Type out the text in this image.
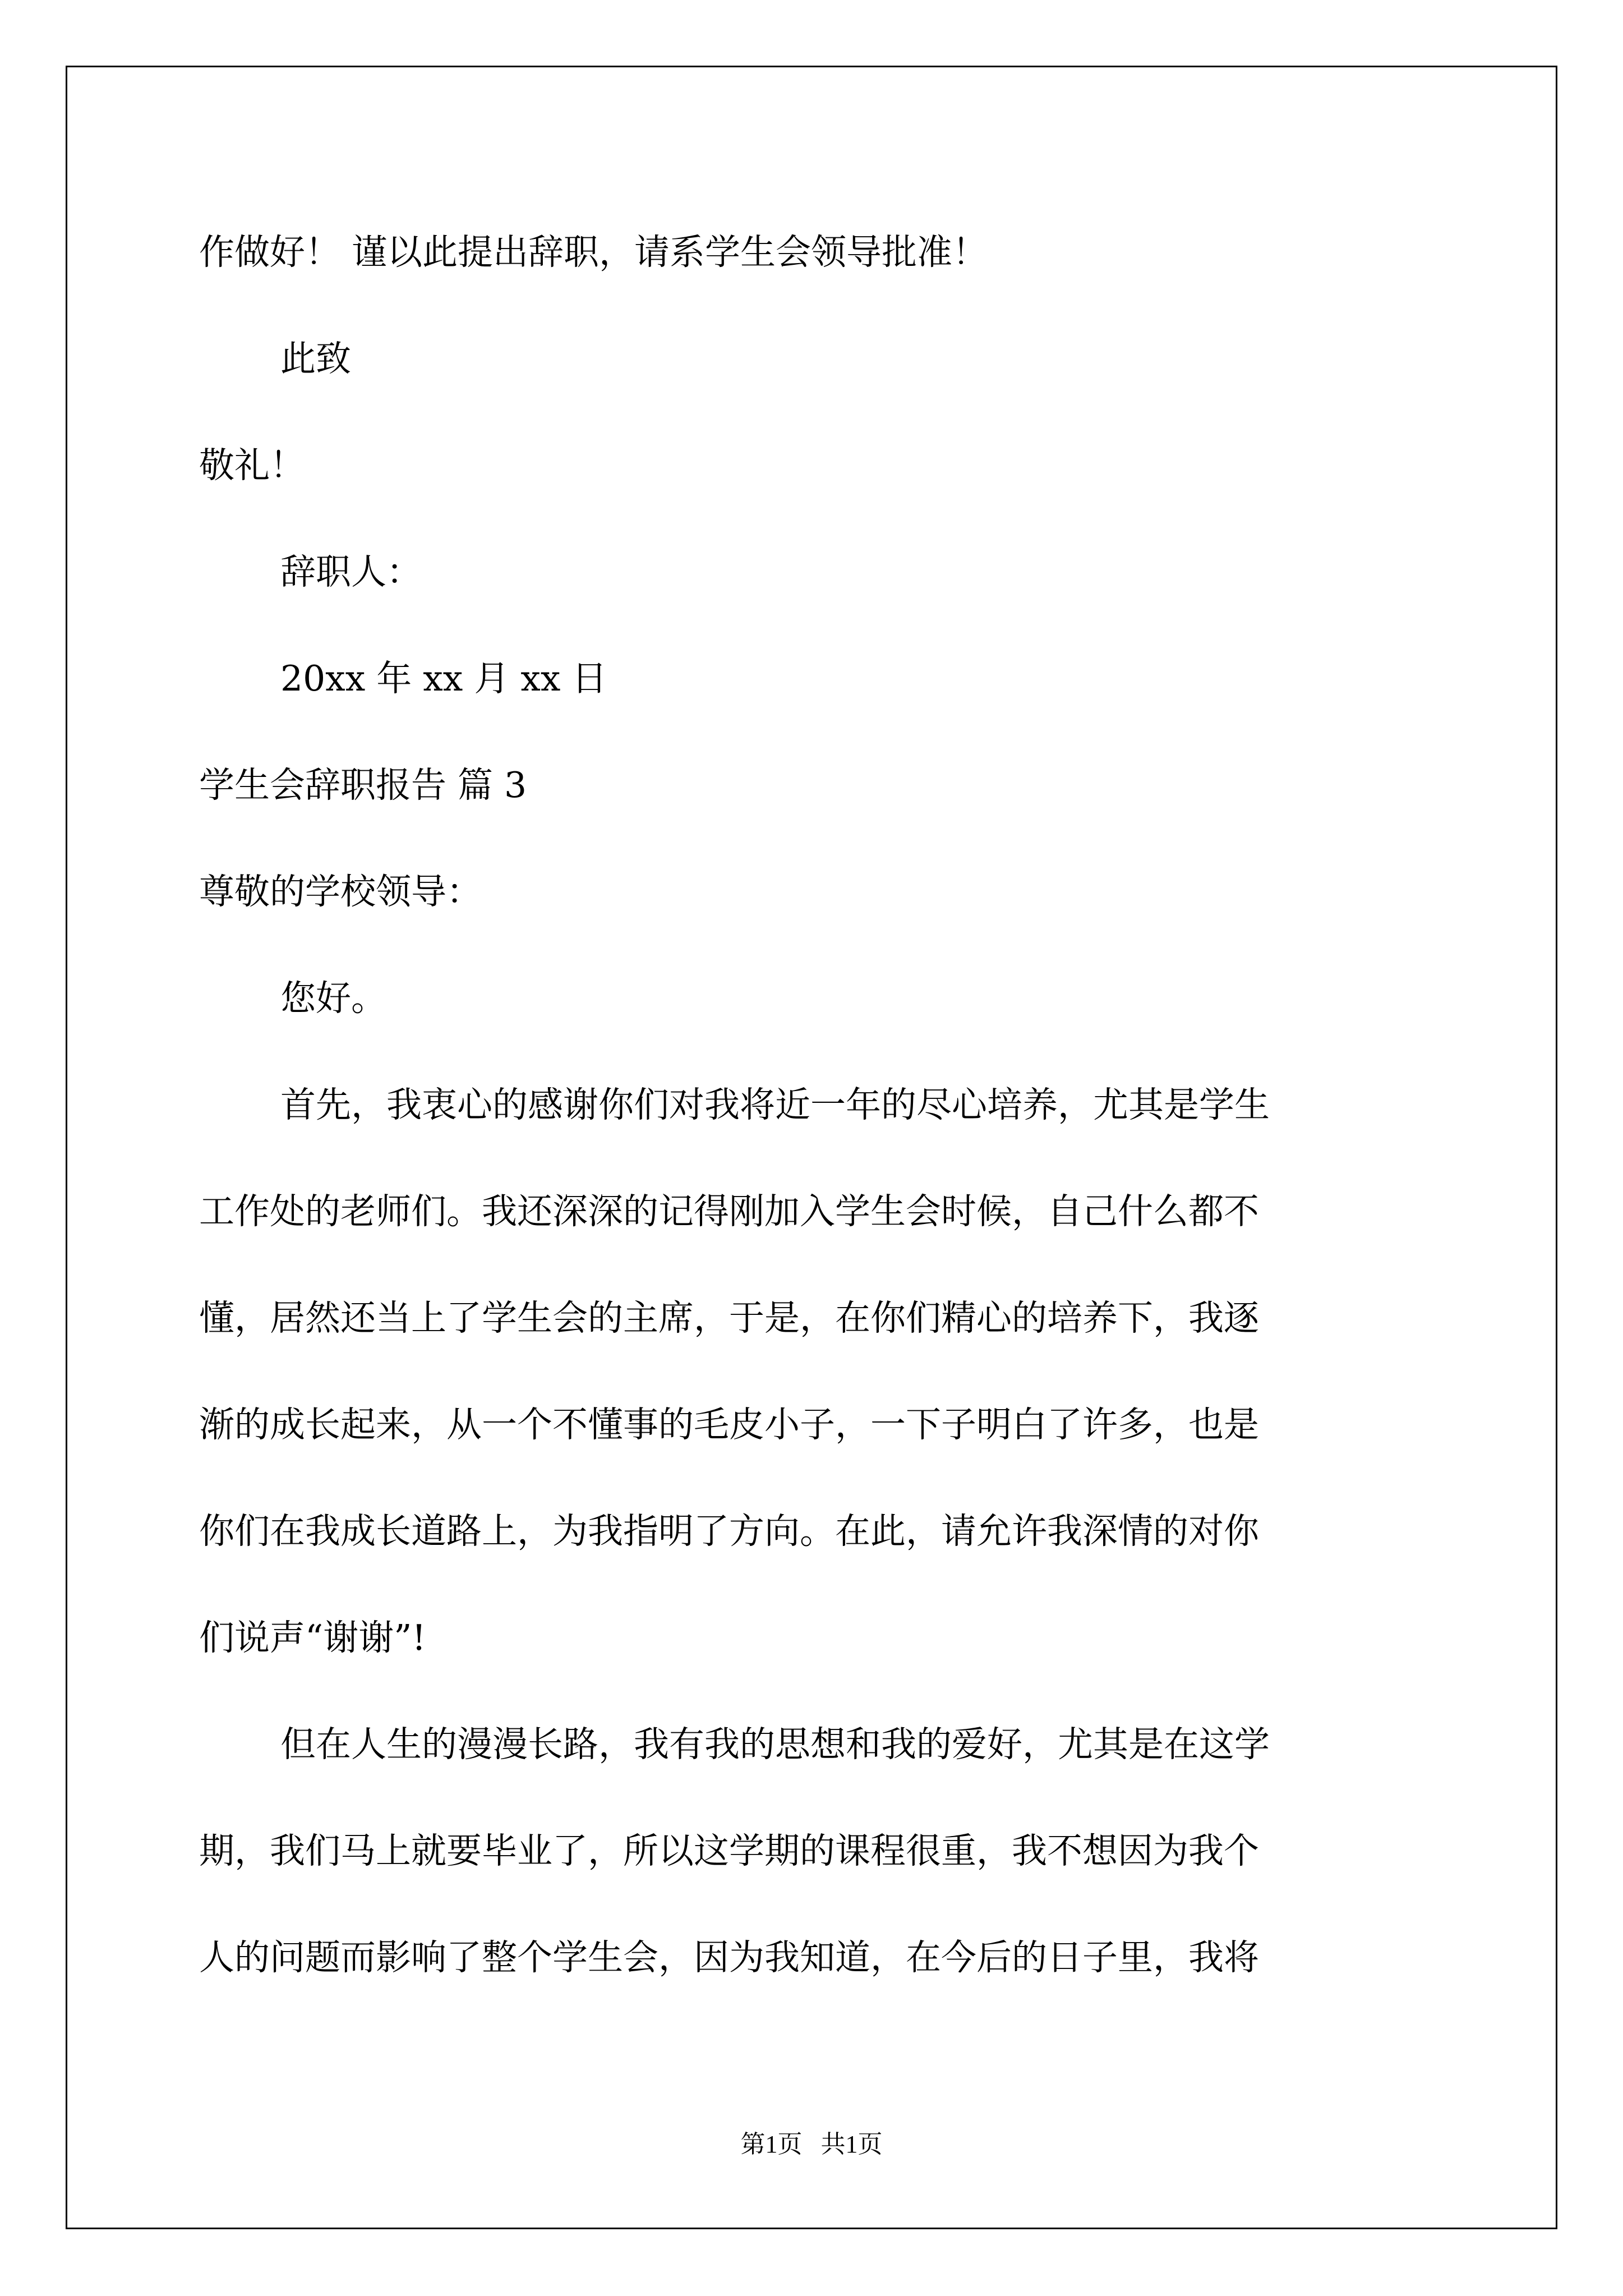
作做好！ 谨以此提出辞职，请系学生会领导批准！

此致

敬礼！

辞职人：

20xx 年 xx 月 xx 日

学生会辞职报告 篇 3

尊敬的学校领导：

您好。

首先，我衷心的感谢你们对我将近一年的尽心培养，尤其是学生

工作处的老师们。我还深深的记得刚加入学生会时候，自己什么都不

懂，居然还当上了学生会的主席，于是，在你们精心的培养下，我逐

渐的成长起来，从一个不懂事的毛皮小子，一下子明白了许多，也是

你们在我成长道路上，为我指明了方向。在此，请允许我深情的对你

们说声“谢谢”!

但在人生的漫漫长路，我有我的思想和我的爱好，尤其是在这学

期，我们马上就要毕业了，所以这学期的课程很重，我不想因为我个

人的问题而影响了整个学生会，因为我知道，在今后的日子里，我将

第1页   共1页
